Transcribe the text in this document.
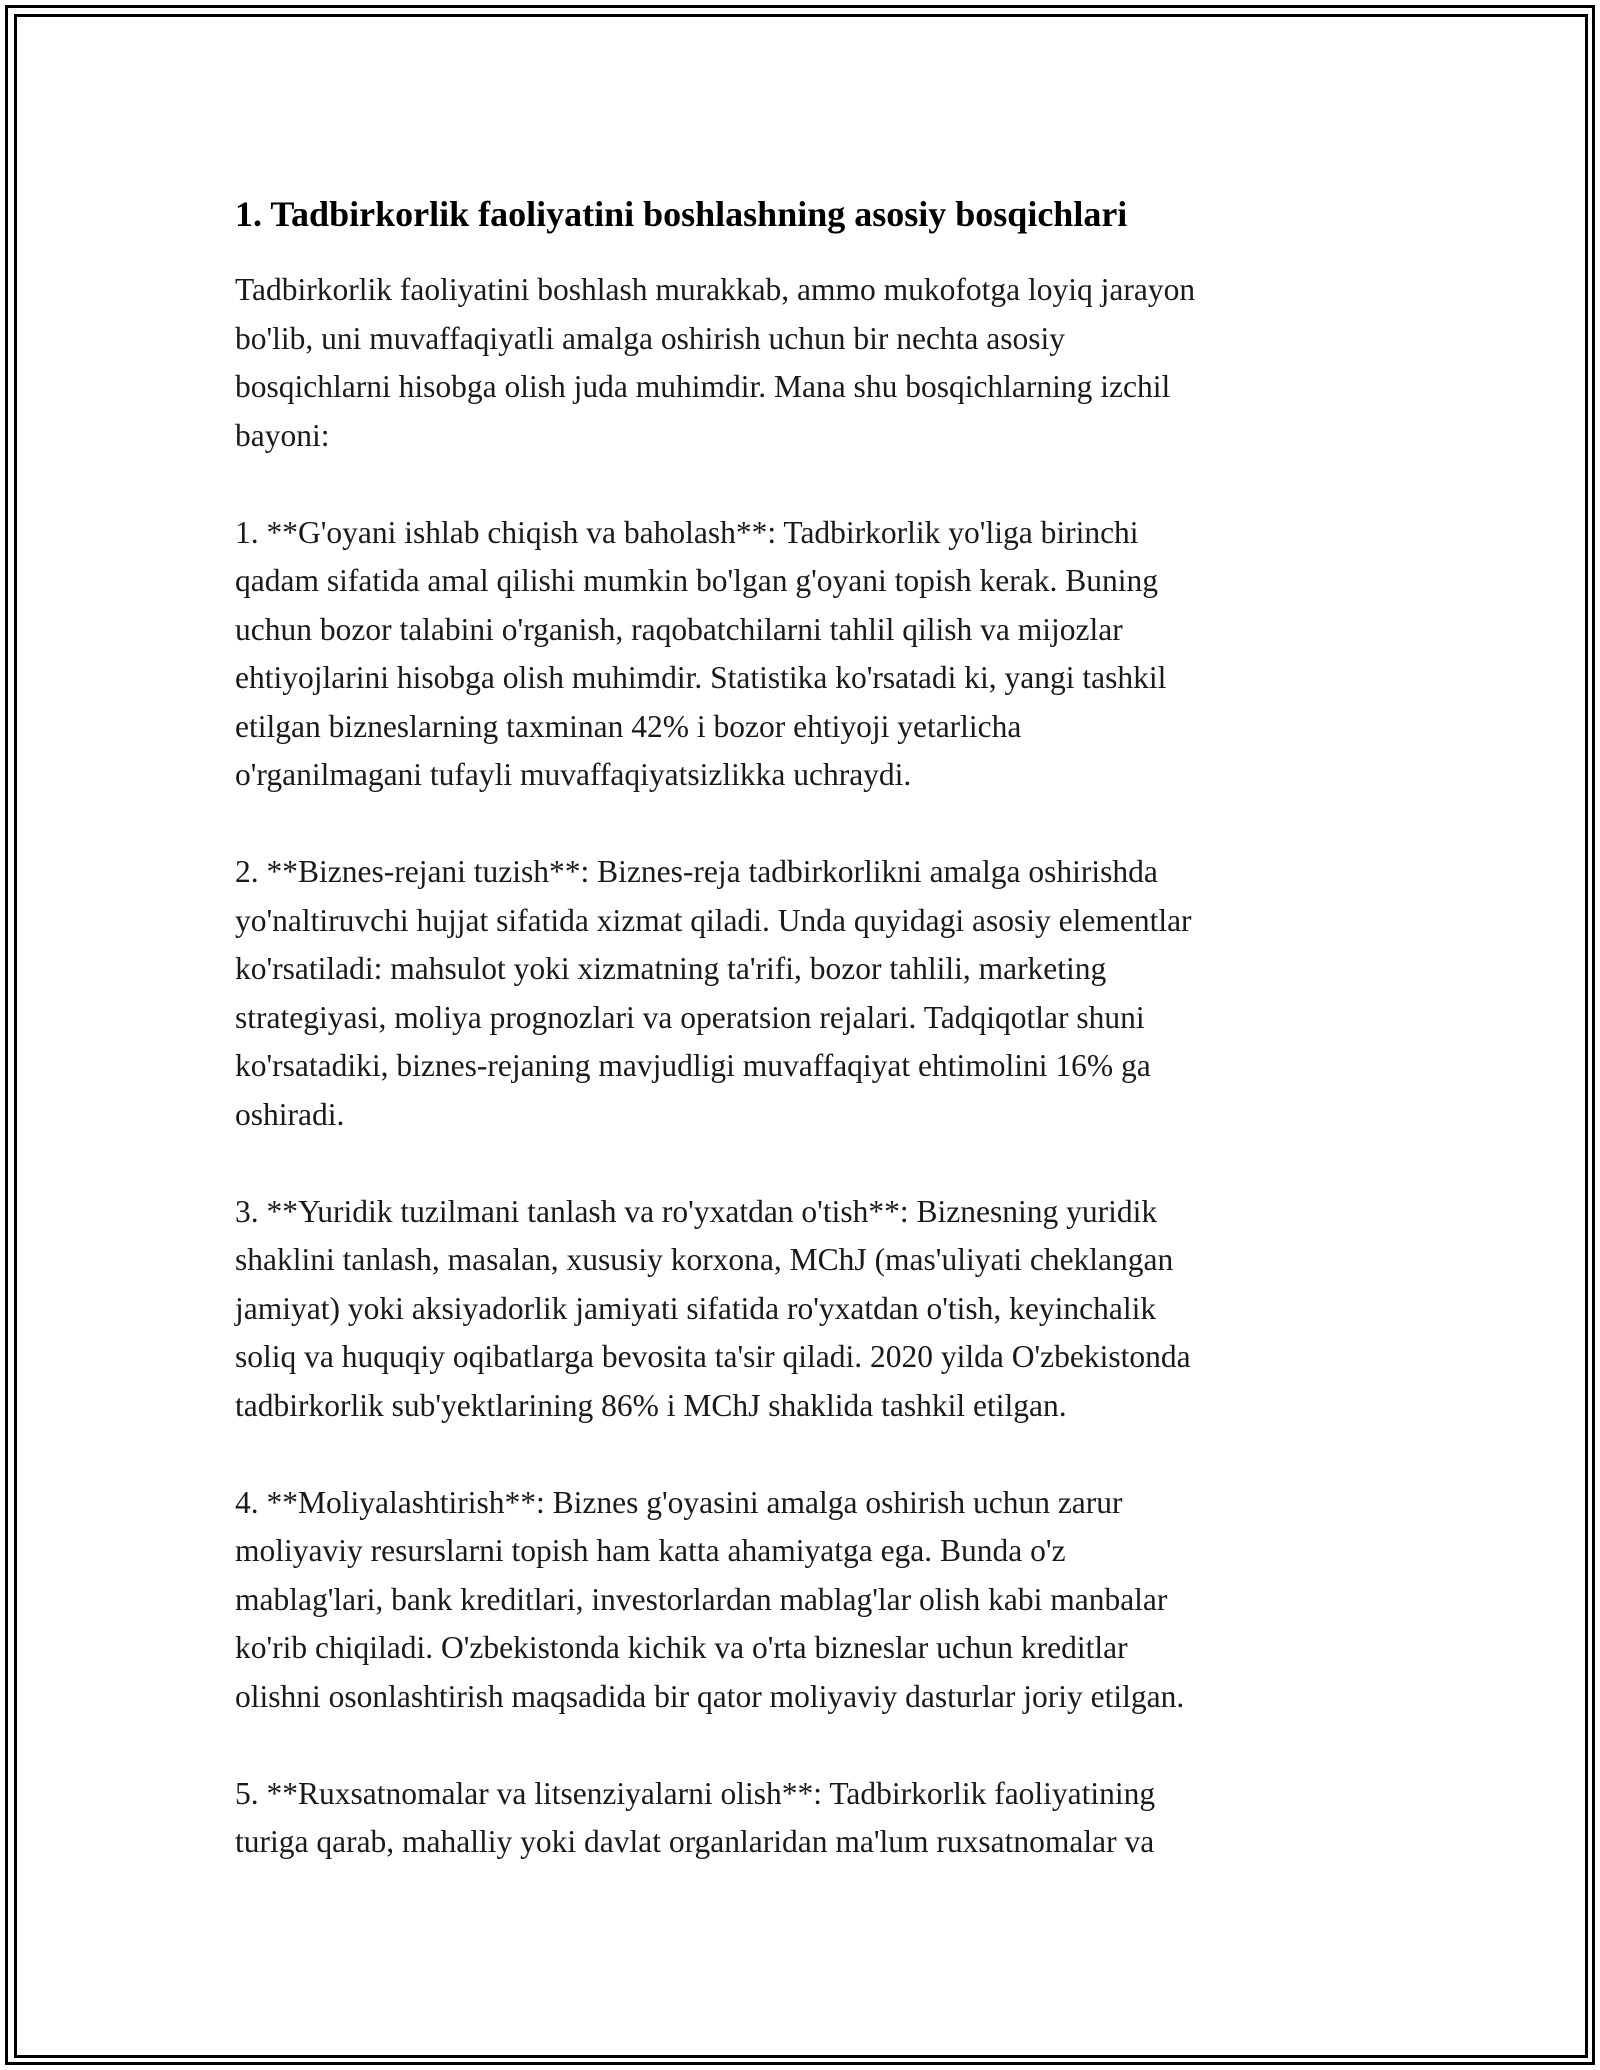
1. Tadbirkorlik faoliyatini boshlashning asosiy bosqichlari

Tadbirkorlik faoliyatini boshlash murakkab, ammo mukofotga loyiq jarayon
bo'lib, uni muvaffaqiyatli amalga oshirish uchun bir nechta asosiy
bosqichlarni hisobga olish juda muhimdir. Mana shu bosqichlarning izchil
bayoni:

1. **G'oyani ishlab chiqish va baholash**: Tadbirkorlik yo'liga birinchi
qadam sifatida amal qilishi mumkin bo'lgan g'oyani topish kerak. Buning
uchun bozor talabini o'rganish, raqobatchilarni tahlil qilish va mijozlar
ehtiyojlarini hisobga olish muhimdir. Statistika ko'rsatadi ki, yangi tashkil
etilgan bizneslarning taxminan 42% i bozor ehtiyoji yetarlicha
o'rganilmagani tufayli muvaffaqiyatsizlikka uchraydi.

2. **Biznes-rejani tuzish**: Biznes-reja tadbirkorlikni amalga oshirishda
yo'naltiruvchi hujjat sifatida xizmat qiladi. Unda quyidagi asosiy elementlar
ko'rsatiladi: mahsulot yoki xizmatning ta'rifi, bozor tahlili, marketing
strategiyasi, moliya prognozlari va operatsion rejalari. Tadqiqotlar shuni
ko'rsatadiki, biznes-rejaning mavjudligi muvaffaqiyat ehtimolini 16% ga
oshiradi.

3. **Yuridik tuzilmani tanlash va ro'yxatdan o'tish**: Biznesning yuridik
shaklini tanlash, masalan, xususiy korxona, MChJ (mas'uliyati cheklangan
jamiyat) yoki aksiyadorlik jamiyati sifatida ro'yxatdan o'tish, keyinchalik
soliq va huquqiy oqibatlarga bevosita ta'sir qiladi. 2020 yilda O'zbekistonda
tadbirkorlik sub'yektlarining 86% i MChJ shaklida tashkil etilgan.

4. **Moliyalashtirish**: Biznes g'oyasini amalga oshirish uchun zarur
moliyaviy resurslarni topish ham katta ahamiyatga ega. Bunda o'z
mablag'lari, bank kreditlari, investorlardan mablag'lar olish kabi manbalar
ko'rib chiqiladi. O'zbekistonda kichik va o'rta bizneslar uchun kreditlar
olishni osonlashtirish maqsadida bir qator moliyaviy dasturlar joriy etilgan.

5. **Ruxsatnomalar va litsenziyalarni olish**: Tadbirkorlik faoliyatining
turiga qarab, mahalliy yoki davlat organlaridan ma'lum ruxsatnomalar va
